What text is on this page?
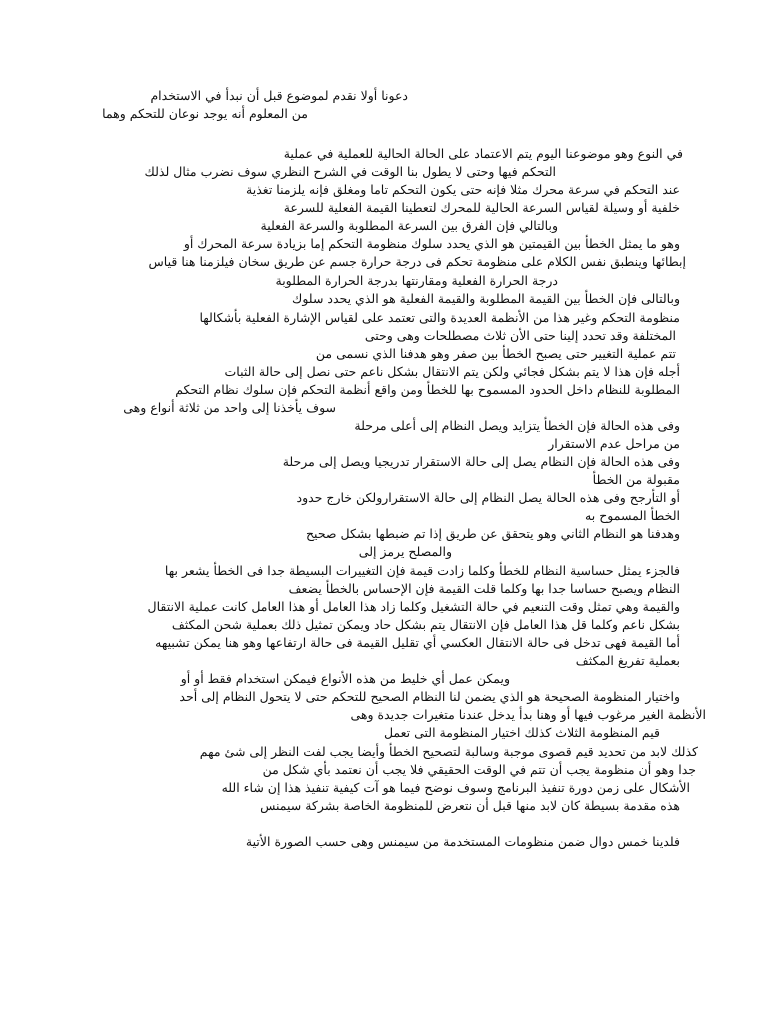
دعونا أولا نقدم لموضوع قبل أن نبدأ في الاستخدام

من المعلوم أنه يوجد نوعان للتحكم وهما

في النوع وهو موضوعنا اليوم يتم الاعتماد على الحالة الحالية للعملية في عملية

التحكم فيها وحتى لا يطول بنا الوقت في الشرح النظري سوف نضرب مثال لذلك

عند التحكم في سرعة محرك مثلا فإنه حتى يكون التحكم تاما ومغلق فإنه يلزمنا تغذية

خلفية أو وسيلة لقياس السرعة الحالية للمحرك لتعطينا القيمة الفعلية للسرعة

وبالتالي فإن الفرق بين السرعة المطلوبة والسرعة الفعلية

وهو ما يمثل الخطأ بين القيمتين هو الذي يحدد سلوك منظومة التحكم إما بزيادة سرعة المحرك أو

إبطائها وينطبق نفس الكلام على منظومة تحكم فى درجة حرارة جسم عن طريق سخان فيلزمنا هنا قياس

درجة الحرارة الفعلية ومقارنتها بدرجة الحرارة المطلوبة

وبالتالى فإن الخطأ بين القيمة المطلوبة والقيمة الفعلية هو الذي يحدد سلوك

منظومة التحكم وغير هذا من الأنظمة العديدة والتى تعتمد على لقياس الإشارة الفعلية بأشكالها

المختلفة وقد تحدد إلينا حتى الأن ثلاث مصطلحات وهى وحتى

تتم عملية التغيير حتى يصبح الخطأ بين صفر وهو هدفنا الذي نسمى من

أجله فإن هذا لا يتم بشكل فجائي ولكن يتم الانتقال بشكل ناعم حتى نصل إلى حالة الثبات

المطلوبة للنظام داخل الحدود المسموح بها للخطأ ومن واقع أنظمة التحكم فإن سلوك نظام التحكم

سوف يأخذنا إلى واحد من ثلاثة أنواع وهى

وفى هذه الحالة فإن الخطأ يتزايد ويصل النظام إلى أعلى مرحلة

من مراحل عدم الاستقرار

وفى هذه الحالة فإن النظام يصل إلى حالة الاستقرار تدريجيا ويصل إلى مرحلة

مقبولة من الخطأ

أو التأرجح وفى هذه الحالة يصل النظام إلى حالة الاستقرارولكن خارج حدود

الخطأ المسموح به

وهدفنا هو النظام الثاني وهو يتحقق عن طريق إذا تم ضبطها بشكل صحيح

والمصلح يرمز إلى

فالجزء يمثل حساسية النظام للخطأ وكلما زادت قيمة فإن التغييرات البسيطة جدا فى الخطأ يشعر بها

النظام ويصبح حساسا جدا بها وكلما قلت القيمة فإن الإحساس بالخطأ يضعف

والقيمة وهي تمثل وقت التنعيم في حالة التشغيل وكلما زاد هذا العامل أو هذا العامل كانت عملية الانتقال

بشكل ناعم وكلما قل هذا العامل فإن الانتقال يتم بشكل حاد ويمكن تمثيل ذلك بعملية شحن المكثف

أما القيمة فهى تدخل فى حالة الانتقال العكسي أي تقليل القيمة فى حالة ارتفاعها وهو هنا يمكن تشبيهه

بعملية تفريغ المكثف

ويمكن عمل أي خليط من هذه الأنواع فيمكن استخدام فقط أو أو

واختيار المنظومة الصحيحة هو الذي يضمن لنا النظام الصحيح للتحكم حتى لا يتحول النظام إلى أحد

الأنظمة الغير مرغوب فيها أو وهنا بدأ يدخل عندنا متغيرات جديدة وهى

قيم المنظومة الثلاث كذلك اختيار المنظومة التى تعمل

كذلك لابد من تحديد قيم قصوى موجبة وسالبة لتصحيح الخطأ وأيضا يجب لفت النظر إلى شئ مهم

جدا وهو أن منظومة يجب أن تتم في الوقت الحقيقي فلا يجب أن نعتمد بأي شكل من

الأشكال على زمن دورة تنفيذ البرنامج وسوف نوضح فيما هو آت كيفية تنفيذ هذا إن شاء الله

هذه مقدمة بسيطة كان لابد منها قبل أن نتعرض للمنظومة الخاصة بشركة سيمنس

فلدينا خمس دوال ضمن منظومات المستخدمة من سيمنس وهى حسب الصورة الأتية
